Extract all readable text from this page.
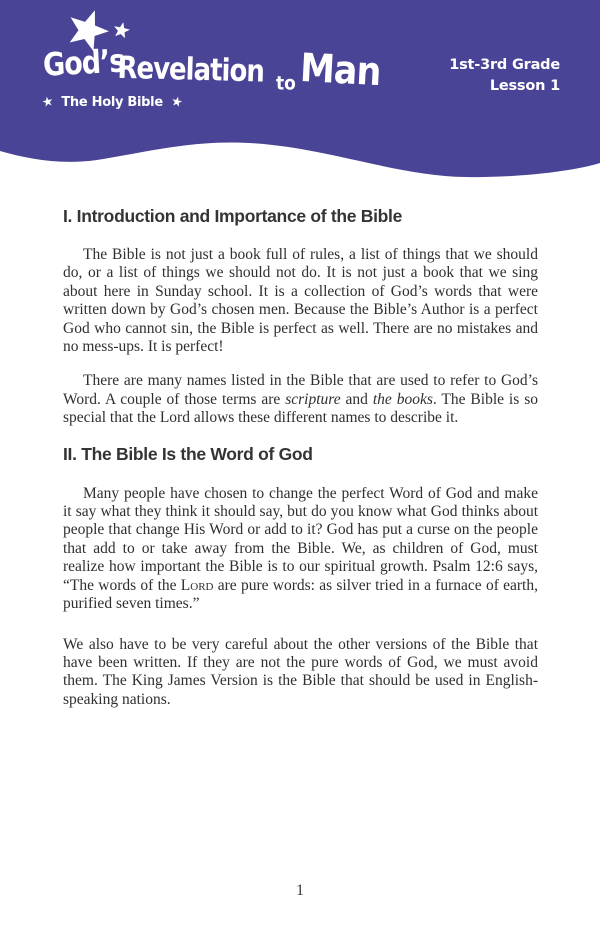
God’s
Revelation to Man
★ The Holy Bible ★
1st-3rd Grade
Lesson 1
I. Introduction and Importance of the Bible

The Bible is not just a book full of rules, a list of things that we should do, or a list of things we should not do. It is not just a book that we sing about here in Sunday school. It is a collection of God’s words that were written down by God’s chosen men. Because the Bible’s Author is a perfect God who cannot sin, the Bible is perfect as well. There are no mistakes and no mess-ups. It is perfect!

There are many names listed in the Bible that are used to refer to God’s Word. A couple of those terms are scripture and the books. The Bible is so special that the Lord allows these different names to describe it.

II. The Bible Is the Word of God

Many people have chosen to change the perfect Word of God and make it say what they think it should say, but do you know what God thinks about people that change His Word or add to it? God has put a curse on the people that add to or take away from the Bible. We, as children of God, must realize how important the Bible is to our spiritual growth. Psalm 12:6 says, “The words of the Lord are pure words: as silver tried in a furnace of earth, purified seven times.”

We also have to be very careful about the other versions of the Bible that have been written. If they are not the pure words of God, we must avoid them. The King James Version is the Bible that should be used in English-speaking nations.

1
